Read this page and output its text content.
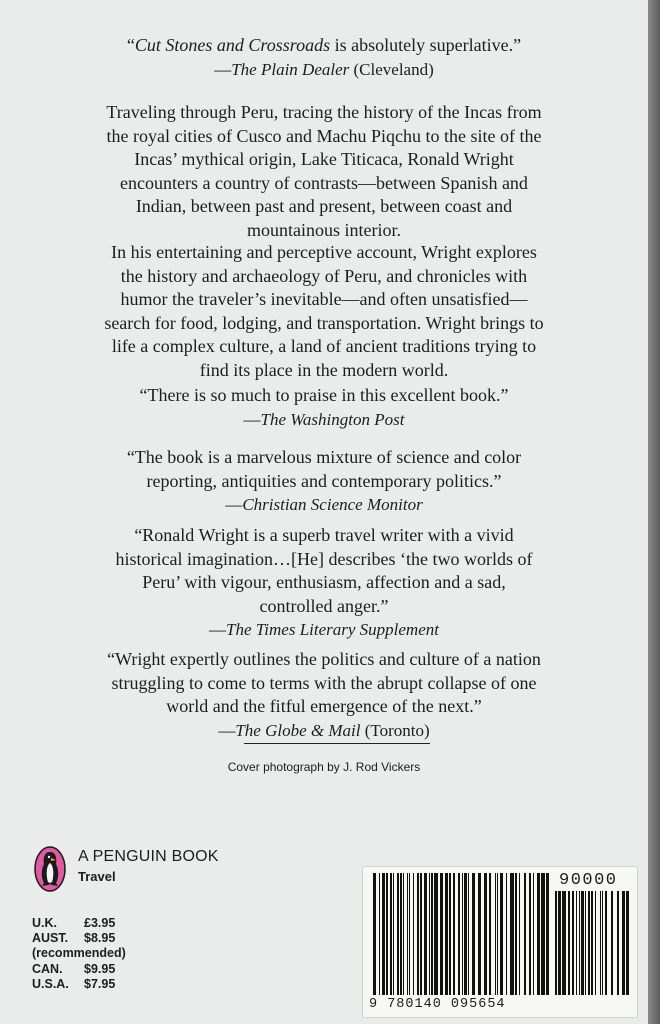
“Cut Stones and Crossroads is absolutely superlative.”

—The Plain Dealer (Cleveland)

Traveling through Peru, tracing the history of the Incas from

the royal cities of Cusco and Machu Piqchu to the site of the

Incas’ mythical origin, Lake Titicaca, Ronald Wright

encounters a country of contrasts—between Spanish and

Indian, between past and present, between coast and

mountainous interior.

In his entertaining and perceptive account, Wright explores

the history and archaeology of Peru, and chronicles with

humor the traveler’s inevitable—and often unsatisfied—

search for food, lodging, and transportation. Wright brings to

life a complex culture, a land of ancient traditions trying to

find its place in the modern world.

“There is so much to praise in this excellent book.”

—The Washington Post

“The book is a marvelous mixture of science and color

reporting, antiquities and contemporary politics.”

—Christian Science Monitor

“Ronald Wright is a superb travel writer with a vivid

historical imagination…[He] describes ‘the two worlds of

Peru’ with vigour, enthusiasm, affection and a sad,

controlled anger.”

—The Times Literary Supplement

“Wright expertly outlines the politics and culture of a nation

struggling to come to terms with the abrupt collapse of one

world and the fitful emergence of the next.”

—The Globe & Mail (Toronto)

Cover photograph by J. Rod Vickers
A PENGUIN BOOK
Travel
U.K.	£3.95
AUST.	$8.95
(recommended)	
CAN.	$9.95
U.S.A.	$7.95
90000
9 780140 095654
